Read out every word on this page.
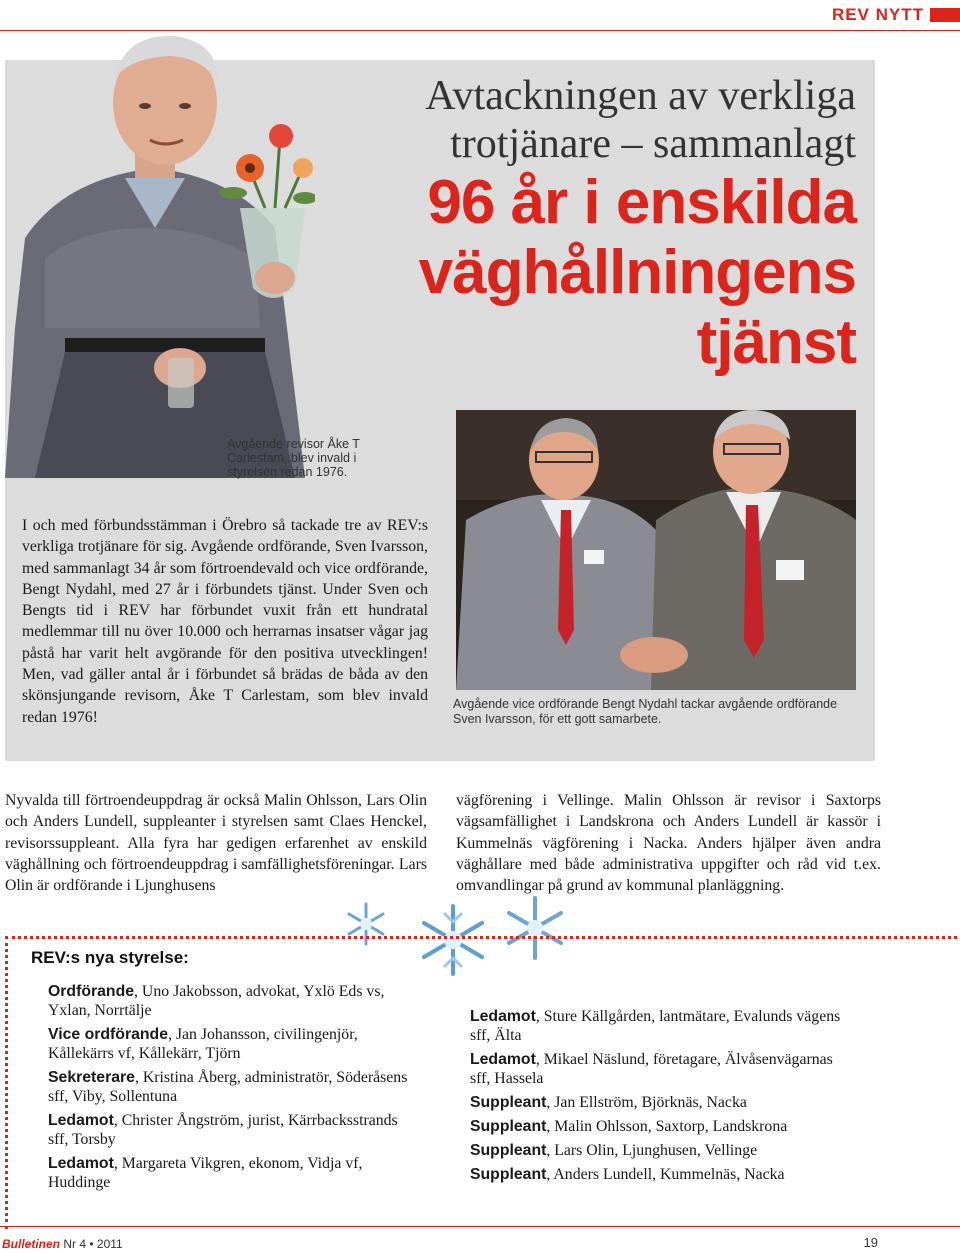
REV NYTT

Avtackningen av verkliga

trotjänare – sammanlagt

96 år i enskilda

väghållningens

tjänst

Avgående revisor Åke T Carlestam, blev invald i styrelsen redan 1976.

I och med förbundsstämman i Örebro så tackade tre av REV:s verkliga trotjänare för sig. Avgående ordförande, Sven Ivarsson, med sammanlagt 34 år som förtroendevald och vice ordförande, Bengt Nydahl, med 27 år i förbundets tjänst. Under Sven och Bengts tid i REV har förbundet vuxit från ett hundratal medlemmar till nu över 10.000 och herrarnas insatser vågar jag påstå har varit helt avgörande för den positiva utvecklingen! Men, vad gäller antal år i förbundet så brädas de båda av den skönsjungande revisorn, Åke T Carlestam, som blev invald redan 1976!

Avgående vice ordförande Bengt Nydahl tackar avgående ordförande Sven Ivarsson, för ett gott samarbete.

Nyvalda till förtroendeuppdrag är också Malin Ohlsson, Lars Olin och Anders Lundell, suppleanter i styrelsen samt Claes Henckel, revisorssuppleant. Alla fyra har gedigen erfarenhet av enskild väghållning och förtroendeuppdrag i samfällighetsföreningar. Lars Olin är ordförande i Ljunghusens

vägförening i Vellinge. Malin Ohlsson är revisor i Saxtorps vägsamfällighet i Landskrona och Anders Lundell är kassör i Kummelnäs vägförening i Nacka. Anders hjälper även andra väghållare med både administrativa uppgifter och råd vid t.ex. omvandlingar på grund av kommunal planläggning.

REV:s nya styrelse:
Ordförande, Uno Jakobsson, advokat, Yxlö Eds vs, Yxlan, Norrtälje
Vice ordförande, Jan Johansson, civilingenjör, Kållekärrs vf, Kållekärr, Tjörn
Sekreterare, Kristina Åberg, administratör, Söderåsens sff, Viby, Sollentuna
Ledamot, Christer Ångström, jurist, Kärrbacksstrands sff, Torsby
Ledamot, Margareta Vikgren, ekonom, Vidja vf, Huddinge
Ledamot, Sture Källgården, lantmätare, Evalunds vägens sff, Älta
Ledamot, Mikael Näslund, företagare, Älvåsenvägarnas sff, Hassela
Suppleant, Jan Ellström, Björknäs, Nacka
Suppleant, Malin Ohlsson, Saxtorp, Landskrona
Suppleant, Lars Olin, Ljunghusen, Vellinge
Suppleant, Anders Lundell, Kummelnäs, Nacka
Bulletinen Nr 4 • 2011	19
